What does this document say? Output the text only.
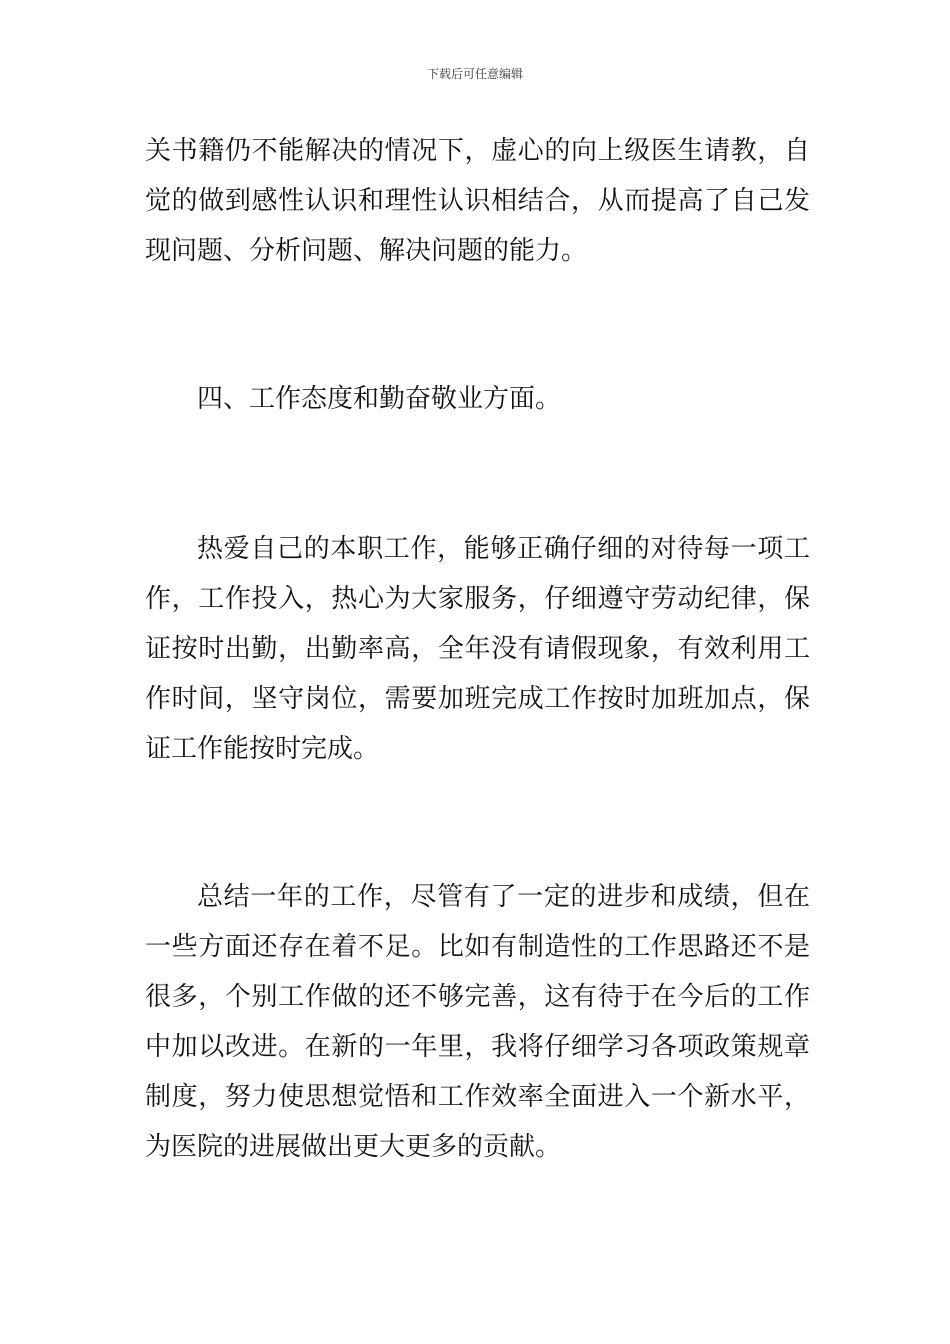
下载后可任意编辑

关书籍仍不能解决的情况下，虚心的向上级医生请教，自觉的做到感性认识和理性认识相结合，从而提高了自己发现问题、分析问题、解决问题的能力。

四、工作态度和勤奋敬业方面。

热爱自己的本职工作，能够正确仔细的对待每一项工作，工作投入，热心为大家服务，仔细遵守劳动纪律，保证按时出勤，出勤率高，全年没有请假现象，有效利用工作时间，坚守岗位，需要加班完成工作按时加班加点，保证工作能按时完成。

总结一年的工作，尽管有了一定的进步和成绩，但在一些方面还存在着不足。比如有制造性的工作思路还不是很多，个别工作做的还不够完善，这有待于在今后的工作中加以改进。在新的一年里，我将仔细学习各项政策规章制度，努力使思想觉悟和工作效率全面进入一个新水平，为医院的进展做出更大更多的贡献。
